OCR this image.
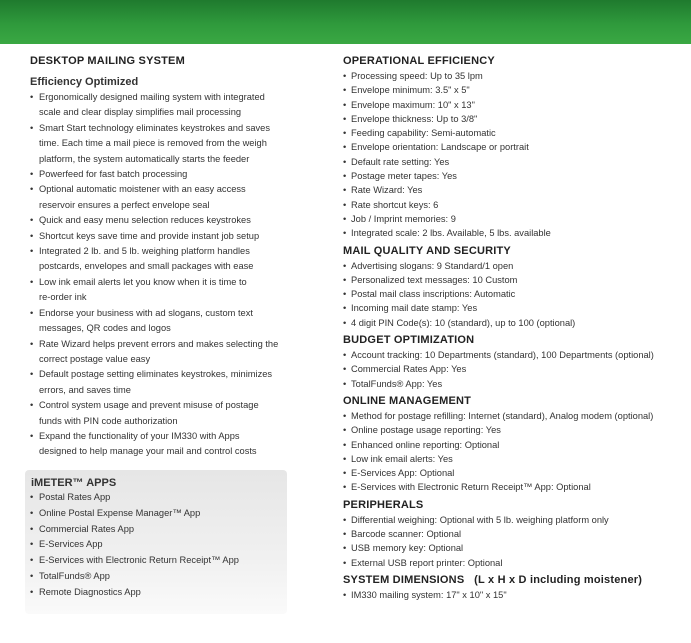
DESKTOP MAILING SYSTEM
Efficiency Optimized
• Ergonomically designed mailing system with integrated
scale and clear display simplifies mail processing
• Smart Start technology eliminates keystrokes and saves
time. Each time a mail piece is removed from the weigh
platform, the system automatically starts the feeder
• Powerfeed for fast batch processing
• Optional automatic moistener with an easy access
reservoir ensures a perfect envelope seal
• Quick and easy menu selection reduces keystrokes
• Shortcut keys save time and provide instant job setup
• Integrated 2 lb. and 5 lb. weighing platform handles
postcards, envelopes and small packages with ease
• Low ink email alerts let you know when it is time to
re-order ink
• Endorse your business with ad slogans, custom text
messages, QR codes and logos
• Rate Wizard helps prevent errors and makes selecting the
correct postage value easy
• Default postage setting eliminates keystrokes, minimizes
errors, and saves time
• Control system usage and prevent misuse of postage
funds with PIN code authorization
• Expand the functionality of your IM330 with Apps
designed to help manage your mail and control costs
iMETER™ APPS
• Postal Rates App
• Online Postal Expense Manager™ App
• Commercial Rates App
• E-Services App
• E-Services with Electronic Return Receipt™ App
• TotalFunds® App
• Remote Diagnostics App
OPERATIONAL EFFICIENCY
• Processing speed: Up to 35 lpm
• Envelope minimum: 3.5" x 5"
• Envelope maximum: 10" x 13"
• Envelope thickness: Up to 3/8"
• Feeding capability: Semi-automatic
• Envelope orientation: Landscape or portrait
• Default rate setting: Yes
• Postage meter tapes: Yes
• Rate Wizard: Yes
• Rate shortcut keys: 6
• Job / Imprint memories: 9
• Integrated scale: 2 lbs. Available, 5 lbs. available
MAIL QUALITY AND SECURITY
• Advertising slogans: 9 Standard/1 open
• Personalized text messages: 10 Custom
• Postal mail class inscriptions: Automatic
• Incoming mail date stamp: Yes
• 4 digit PIN Code(s): 10 (standard), up to 100 (optional)
BUDGET OPTIMIZATION
• Account tracking: 10 Departments (standard), 100 Departments (optional)
• Commercial Rates App: Yes
• TotalFunds® App: Yes
ONLINE MANAGEMENT
• Method for postage refilling: Internet (standard), Analog modem (optional)
• Online postage usage reporting: Yes
• Enhanced online reporting: Optional
• Low ink email alerts: Yes
• E-Services App: Optional
• E-Services with Electronic Return Receipt™ App: Optional
PERIPHERALS
• Differential weighing: Optional with 5 lb. weighing platform only
• Barcode scanner: Optional
• USB memory key: Optional
• External USB report printer: Optional
SYSTEM DIMENSIONS (L x H x D including moistener)
• IM330 mailing system: 17" x 10" x 15"
